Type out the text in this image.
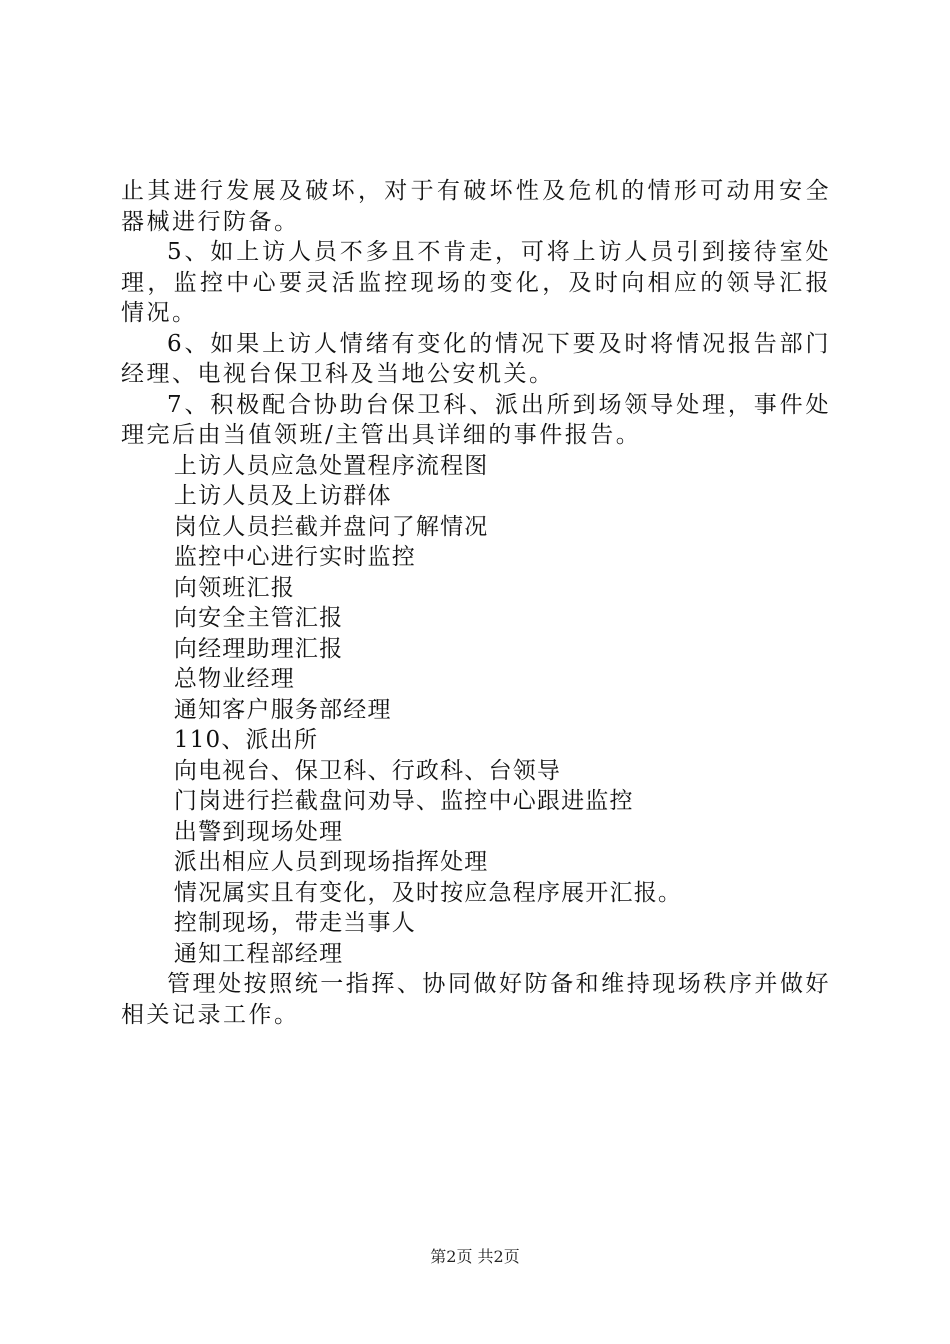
止其进行发展及破坏，对于有破坏性及危机的情形可动用安全器械进行防备。

5、如上访人员不多且不肯走，可将上访人员引到接待室处理，监控中心要灵活监控现场的变化，及时向相应的领导汇报情况。

6、如果上访人情绪有变化的情况下要及时将情况报告部门经理、电视台保卫科及当地公安机关。

7、积极配合协助台保卫科、派出所到场领导处理，事件处理完后由当值领班/主管出具详细的事件报告。

上访人员应急处置程序流程图

上访人员及上访群体

岗位人员拦截并盘问了解情况

监控中心进行实时监控

向领班汇报

向安全主管汇报

向经理助理汇报

总物业经理

通知客户服务部经理

110、派出所

向电视台、保卫科、行政科、台领导

门岗进行拦截盘问劝导、监控中心跟进监控

出警到现场处理

派出相应人员到现场指挥处理

情况属实且有变化，及时按应急程序展开汇报。

控制现场，带走当事人

通知工程部经理

管理处按照统一指挥、协同做好防备和维持现场秩序并做好相关记录工作。

第2页 共2页
